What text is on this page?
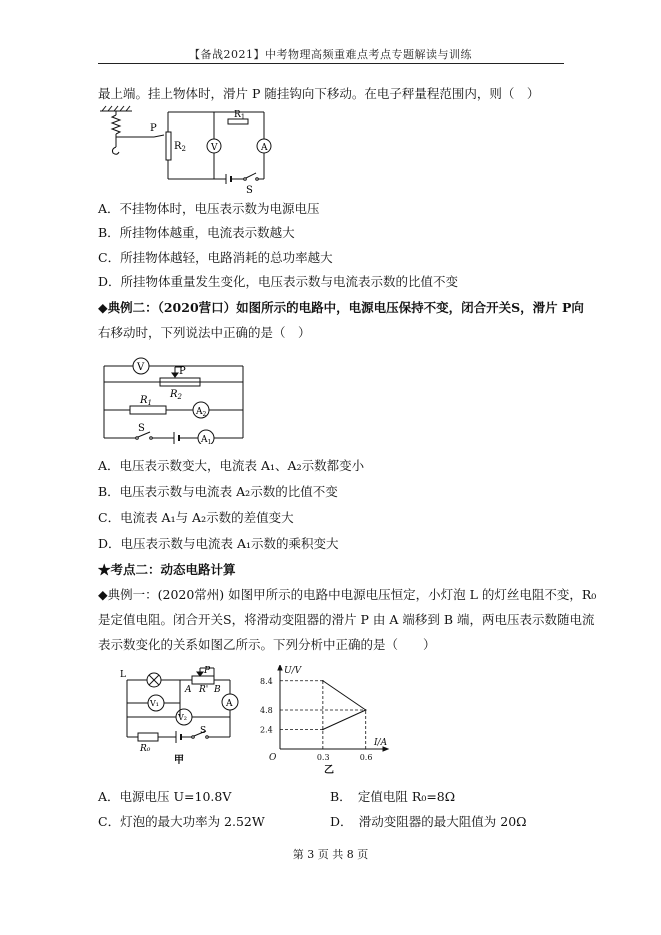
【备战2021】中考物理高频重难点考点专题解读与训练
最上端。挂上物体时，滑片 P 随挂钩向下移动。在电子秤量程范围内，则（　）
P
$R_2$	V
$R_1$
A
S
A．不挂物体时，电压表示数为电源电压
B．所挂物体越重，电流表示数越大
C．所挂物体越轻，电路消耗的总功率越大
D．所挂物体重量发生变化，电压表示数与电流表示数的比值不变
◆典例二：（2020营口）如图所示的电路中，电源电压保持不变，闭合开关S，滑片 P向
右移动时，下列说法中正确的是（　）
V	P
$R_2$
$R_1$
$A_2$
$A_1$
S
A．电压表示数变大，电流表 A₁、A₂示数都变小
B．电压表示数与电流表 A₂示数的比值不变
C．电流表 A₁与 A₂示数的差值变大
D．电压表示数与电流表 A₁示数的乘积变大
★考点二：动态电路计算
◆典例一：(2020常州) 如图甲所示的电路中电源电压恒定，小灯泡 L 的灯丝电阻不变，R₀
是定值电阻。闭合开关S，将滑动变阻器的滑片 P 由 A 端移到 B 端，两电压表示数随电流
表示数变化的关系如图乙所示。下列分析中正确的是（　　）
L	P
A R' B
V₁	A
V₂
R₀
S
甲	0.3	0.6
8.4
4.8
2.4
O
U/V
I/A
乙
A．电源电压 U=10.8V	B．　定值电阻 R₀=8Ω
C．灯泡的最大功率为 2.52W	D．　滑动变阻器的最大阻值为 20Ω
第 3 页 共 8 页
